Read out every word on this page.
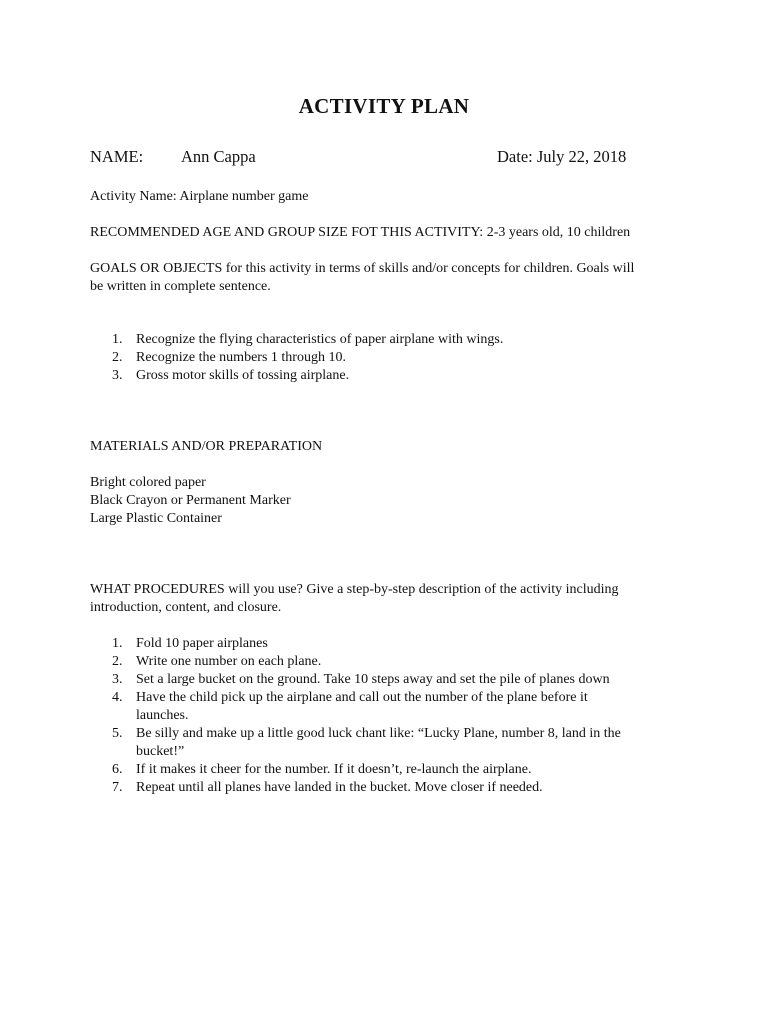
ACTIVITY PLAN
NAME: Ann Cappa	Date: July 22, 2018
Activity Name: Airplane number game
RECOMMENDED AGE AND GROUP SIZE FOT THIS ACTIVITY: 2-3 years old, 10 children
GOALS OR OBJECTS for this activity in terms of skills and/or concepts for children. Goals will
be written in complete sentence.
1. Recognize the flying characteristics of paper airplane with wings.
2. Recognize the numbers 1 through 10.
3. Gross motor skills of tossing airplane.
MATERIALS AND/OR PREPARATION
Bright colored paper
Black Crayon or Permanent Marker
Large Plastic Container
WHAT PROCEDURES will you use? Give a step-by-step description of the activity including
introduction, content, and closure.
1. Fold 10 paper airplanes
2. Write one number on each plane.
3. Set a large bucket on the ground. Take 10 steps away and set the pile of planes down
4. Have the child pick up the airplane and call out the number of the plane before it launches.
5. Be silly and make up a little good luck chant like: “Lucky Plane, number 8, land in the bucket!”
6. If it makes it cheer for the number. If it doesn’t, re-launch the airplane.
7. Repeat until all planes have landed in the bucket. Move closer if needed.
